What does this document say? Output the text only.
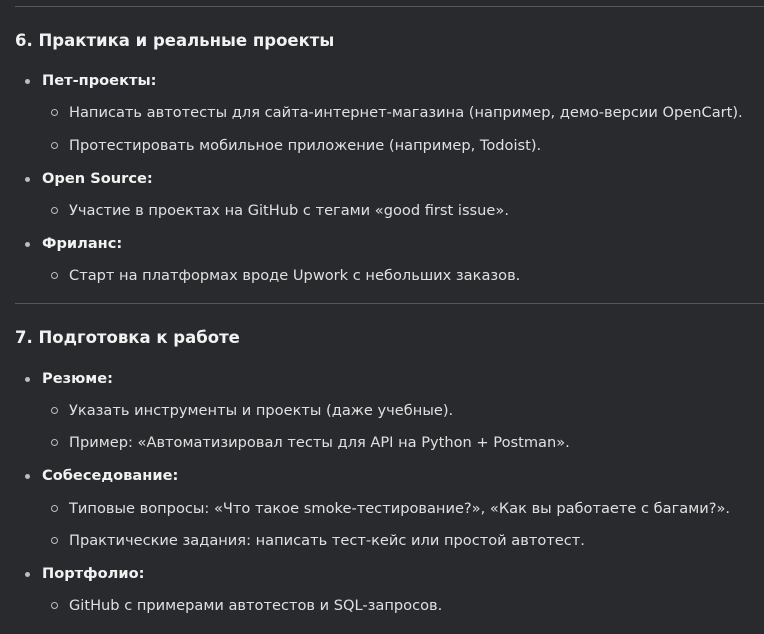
6. Практика и реальные проекты
Пет-проекты:
Написать автотесты для сайта-интернет-магазина (например, демо-версии OpenCart).
Протестировать мобильное приложение (например, Todoist).
Open Source:
Участие в проектах на GitHub с тегами «good first issue».
Фриланс:
Старт на платформах вроде Upwork с небольших заказов.
7. Подготовка к работе
Резюме:
Указать инструменты и проекты (даже учебные).
Пример: «Автоматизировал тесты для API на Python + Postman».
Собеседование:
Типовые вопросы: «Что такое smoke-тестирование?», «Как вы работаете с багами?».
Практические задания: написать тест-кейс или простой автотест.
Портфолио:
GitHub с примерами автотестов и SQL-запросов.
